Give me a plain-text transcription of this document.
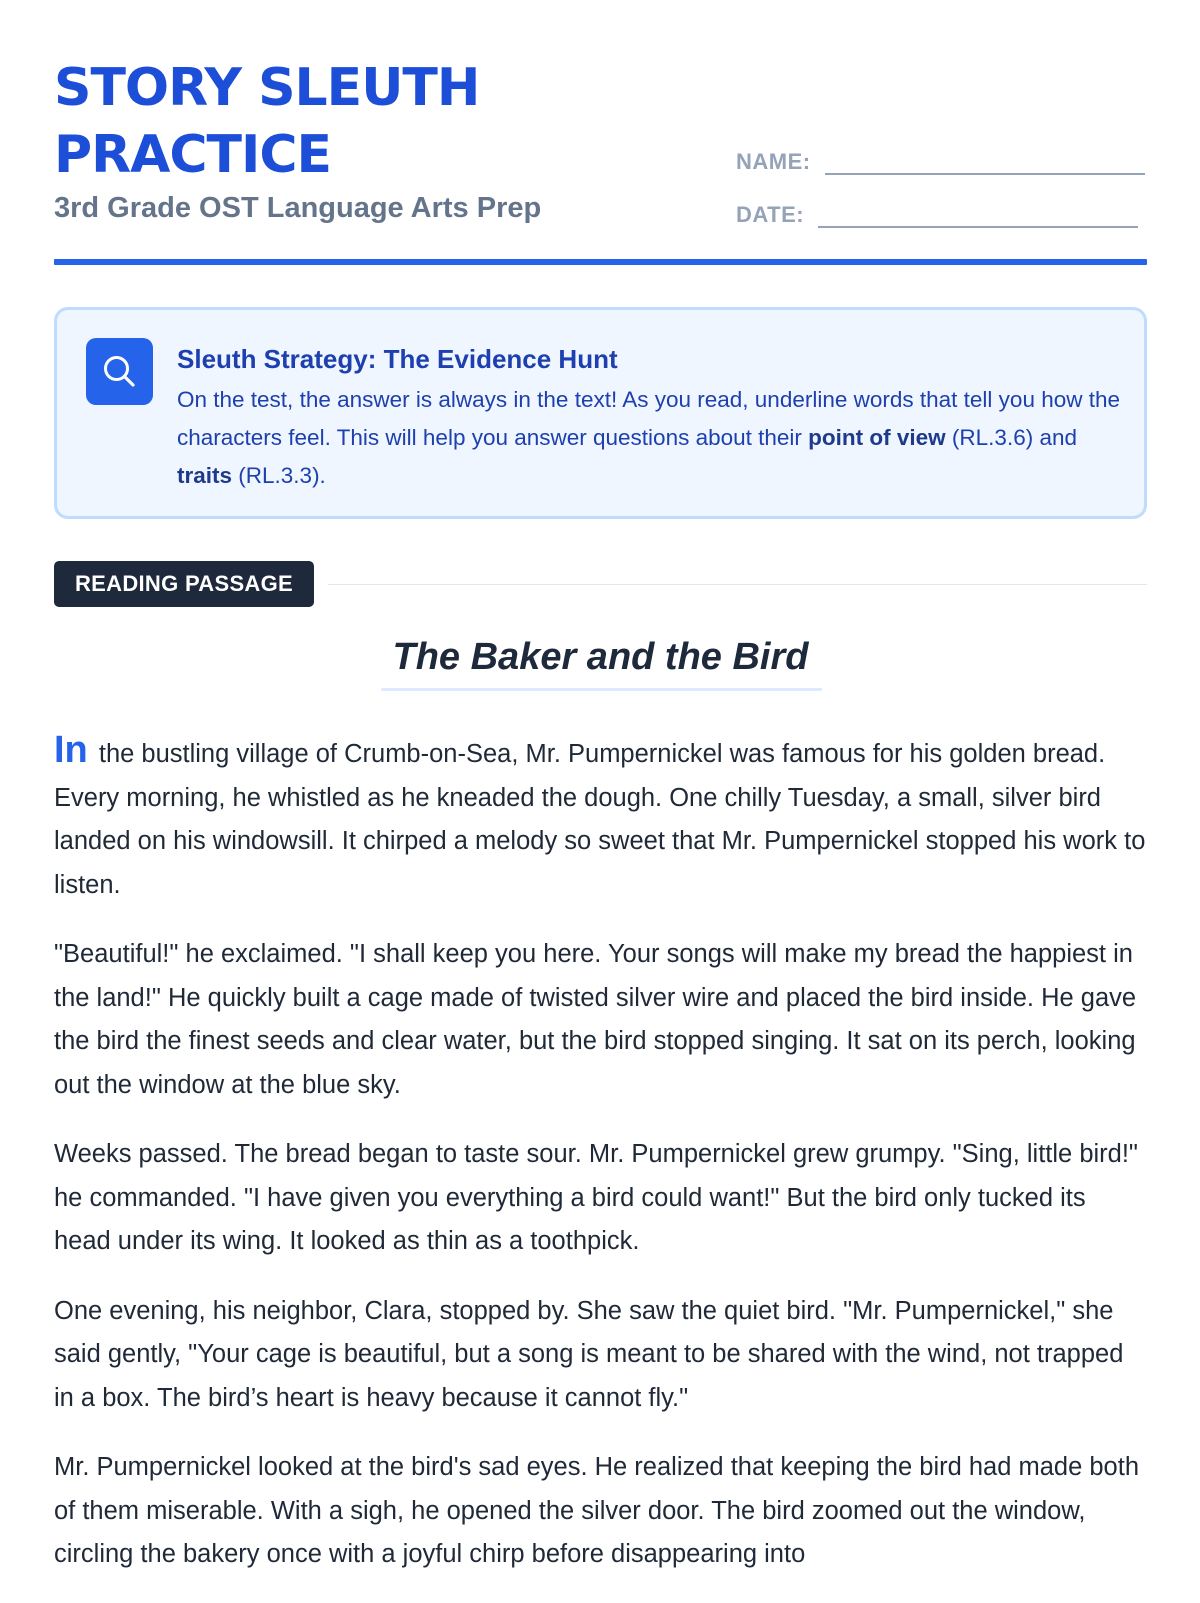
STORY SLEUTH
PRACTICE
3rd Grade OST Language Arts Prep
NAME:
DATE:
Sleuth Strategy: The Evidence Hunt
On the test, the answer is always in the text! As you read, underline words that tell you how the characters feel. This will help you answer questions about their point of view (RL.3.6) and traits (RL.3.3).
READING PASSAGE
The Baker and the Bird

In the bustling village of Crumb-on-Sea, Mr. Pumpernickel was famous for his golden bread. Every morning, he whistled as he kneaded the dough. One chilly Tuesday, a small, silver bird landed on his windowsill. It chirped a melody so sweet that Mr. Pumpernickel stopped his work to listen.

"Beautiful!" he exclaimed. "I shall keep you here. Your songs will make my bread the happiest in the land!" He quickly built a cage made of twisted silver wire and placed the bird inside. He gave the bird the finest seeds and clear water, but the bird stopped singing. It sat on its perch, looking out the window at the blue sky.

Weeks passed. The bread began to taste sour. Mr. Pumpernickel grew grumpy. "Sing, little bird!" he commanded. "I have given you everything a bird could want!" But the bird only tucked its head under its wing. It looked as thin as a toothpick.

One evening, his neighbor, Clara, stopped by. She saw the quiet bird. "Mr. Pumpernickel," she said gently, "Your cage is beautiful, but a song is meant to be shared with the wind, not trapped in a box. The bird’s heart is heavy because it cannot fly."

Mr. Pumpernickel looked at the bird's sad eyes. He realized that keeping the bird had made both of them miserable. With a sigh, he opened the silver door. The bird zoomed out the window, circling the bakery once with a joyful chirp before disappearing into
